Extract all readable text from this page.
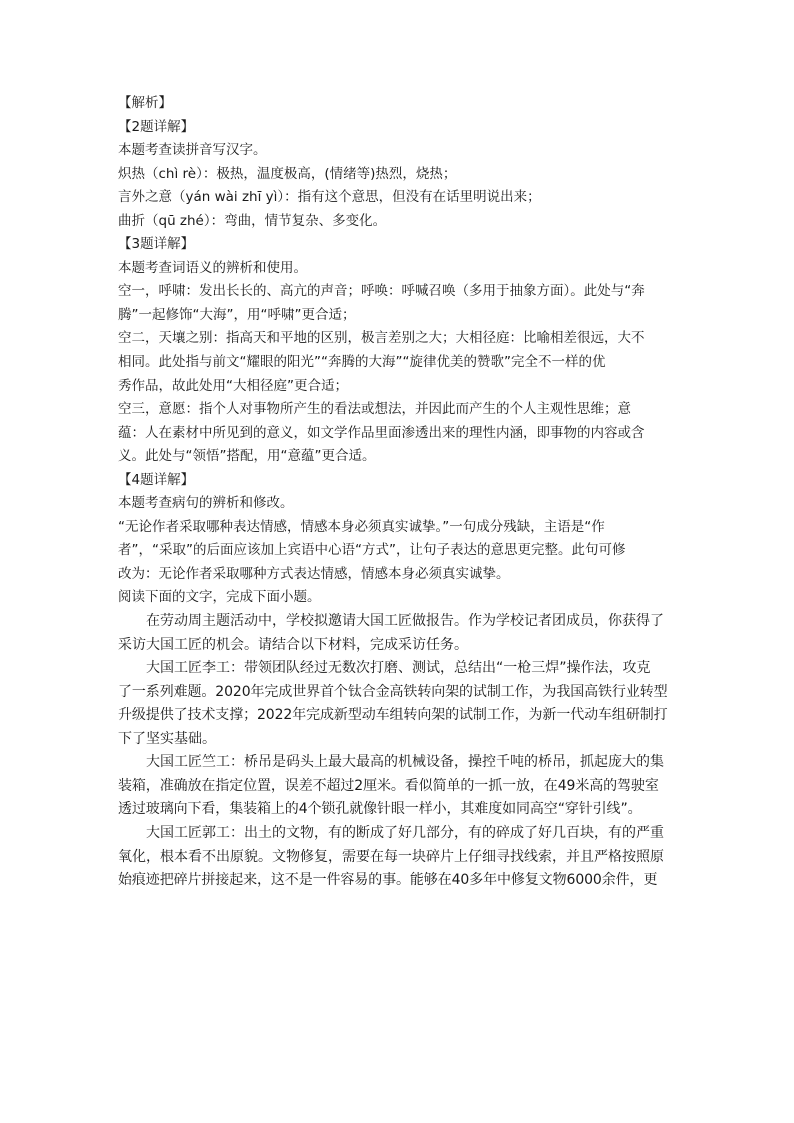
【解析】
【2题详解】
本题考查读拼音写汉字。
炽热（chì rè）：极热，温度极高，(情绪等)热烈，烧热；
言外之意（yán wài zhī yì）：指有这个意思，但没有在话里明说出来；
曲折（qū zhé）：弯曲，情节复杂、多变化。
【3题详解】
本题考查词语义的辨析和使用。
空一，呼啸：发出长长的、高亢的声音；呼唤：呼喊召唤（多用于抽象方面）。此处与“奔
腾”一起修饰“大海”，用“呼啸”更合适；
空二，天壤之别：指高天和平地的区别，极言差别之大；大相径庭：比喻相差很远，大不
相同。此处指与前文“耀眼的阳光”“奔腾的大海”“旋律优美的赞歌”完全不一样的优
秀作品，故此处用“大相径庭”更合适；
空三，意愿：指个人对事物所产生的看法或想法，并因此而产生的个人主观性思维；意
蕴：人在素材中所见到的意义，如文学作品里面渗透出来的理性内涵，即事物的内容或含
义。此处与“领悟”搭配，用“意蕴”更合适。
【4题详解】
本题考查病句的辨析和修改。
“无论作者采取哪种表达情感，情感本身必须真实诚挚。”一句成分残缺，主语是“作
者”，“采取”的后面应该加上宾语中心语“方式”，让句子表达的意思更完整。此句可修
改为：无论作者采取哪种方式表达情感，情感本身必须真实诚挚。
阅读下面的文字，完成下面小题。
在劳动周主题活动中，学校拟邀请大国工匠做报告。作为学校记者团成员，你获得了
采访大国工匠的机会。请结合以下材料，完成采访任务。
大国工匠李工：带领团队经过无数次打磨、测试，总结出“一枪三焊”操作法，攻克
了一系列难题。2020年完成世界首个钛合金高铁转向架的试制工作，为我国高铁行业转型
升级提供了技术支撑；2022年完成新型动车组转向架的试制工作，为新一代动车组研制打
下了坚实基础。
大国工匠竺工：桥吊是码头上最大最高的机械设备，操控千吨的桥吊，抓起庞大的集
装箱，准确放在指定位置，误差不超过2厘米。看似简单的一抓一放，在49米高的驾驶室
透过玻璃向下看，集装箱上的4个锁孔就像针眼一样小，其难度如同高空“穿针引线”。
大国工匠郭工：出土的文物，有的断成了好几部分，有的碎成了好几百块，有的严重
氧化，根本看不出原貌。文物修复，需要在每一块碎片上仔细寻找线索，并且严格按照原
始痕迹把碎片拼接起来，这不是一件容易的事。能够在40多年中修复文物6000余件，更
